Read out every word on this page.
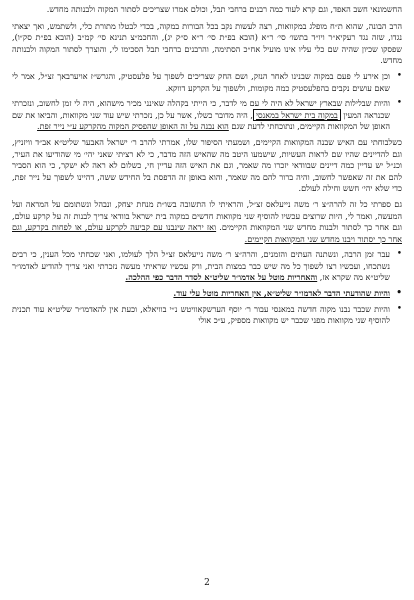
החשמונאי חשב האפד, וגם קרא לעוד כמה רבנים ברחבי תבל, וכולם אמרו שצריכים לסתור המקוה ולבנותה מחדש.

הרב הבונה, שהוא ת״ח מופלג במקוואות, רצה לעשות נקב בכל הבורות במקוה, בכדי לבטלו מתורת כלי, ולשתמש, ואך יצאתי נגדו, שזה נגד רעקיא״ר ויו״ד בתשו׳ סי׳ ר״א (הובא בפ״ת סי׳ ר״א ס״ק יג), והחכמ״צ תנינא סי׳ קמ״ב (הובא בפ״ת סק״ו), שפסקו שכיון שהיה שם כלי עליו אינו מועיל אח״כ הסתימה, והרבנים ברחבי תבל הסכימו לי, והוצרך לסתור המקוה ולבנותה מחדש.

• וכן אירע לי פעם במקוה שבנינו לאחר הנזק, ושם החק שצריכים לשפוך על פלעסטיק, והגרש״ז אויערבאך זצ״ל, אמר לי שאם עושים נקבים בהפלעסטיק כמה מקומות, ולשפוך על הקרקע דווקא.

• והיות שבלילות שבארץ ישראל לא היה לי עם מי לדבר, כי הייתי בקהלה שאינני מכיר מישהוא, היה לי זמן לחשוב, ונזכרתי שכנראה המעין במקוה בית ישראל במאנסי, היה מדובר כשלו, אשר על כן, נזכרתי שיש עוד שני מקוואות, והביאו את שם האופן של המקוואות הקיימים, ונתוכחתי לדעת שגם הוא נבנה על זה האופן שהפסיק המקוה מהקרקע ע״י נייר זפת.

כשלבוחתי עם האיש שבנה המקוואות הקיימים, ושמעתי הסיפור שלו, אמרתי להרב ר׳ ישראל האבער שליט״א אב״ד וויזניץ, וגם להדיינים שהיו שם לראות העשיות, שישמעו היטב מה שהאיש הזה מדבר, כי לא רציתי שאני יהי׳ מי שהודיעו את העיר, וכנ״ל יש עדיין כמה דיינים שבוודאי יזכרו מה שאמר, וגם את האיש הזה עדיין חי, כשלום לא ראה לא ישקר, כי הוא הסביר להם את זה שאפשר לחשוב, והיה ברור להם מה שאמר, והוא באופן זה הדפסת בל החידש ששה, דהיינו לשפוך על נייר זפת, כדי שלא יהי׳ חשש וחילה לעולם.

גם ספרתי כל זה להרה״צ ר׳ משה נייעלאס זצ״ל, והראיתי לו התשובה בשו״ת מנחת יצחק, ונבהל ונשתומם על המראה ועל המעשה, ואמר לי, היות שרוצים עכשיו להוסיף שני מקוואות חדשים במקוה בית ישראל בוודאי צריך לבנות זה על קרקע עולם, וגם אחר כך לסתור ולבנות מחדש שני המקוואות הקיימים. ואז יראה שינבנו עם קביעה לקרקע עולם, או לפחות בקרקע, וגם אחר כך יסתור ויבנו מחדש שני המקוואות הקיימים.

• עבר זמן הרבה, ונשתנה העתים והזמנים, והרה״צ ר׳ משה נייעלאס זצ״ל הלך לעולמו, ואני שכחתי מכל הענין, כי רבים נשתכחו, ועכשיו רצו לשפוך כל מה שיש כבר במצות הבית, ורק עכשיו שראיתי מעשה נזכרתי ואני צריך להודיע לאדמו״ר שליט״א מה שקרא אז, והאחריות מוטל על אדמו״ר שליט״א לסדר הדבר כפי ההלכה.

• והיות שהודעתי הדבר לאדמו״ר שליט״א, אין האחריות מוטל עלי עוד.

• והיות שכבר נבנו מקוה חדשה במאנסי עבור ר׳ יוסף הערשקאוויטש נ״י בוויאלא, וכעת אין להאדמו״ר שליט״א עוד תכנית להוסיף שני מקוואות מפני שכבר יש מקוואות מספיק, ע״כ אולי

2
